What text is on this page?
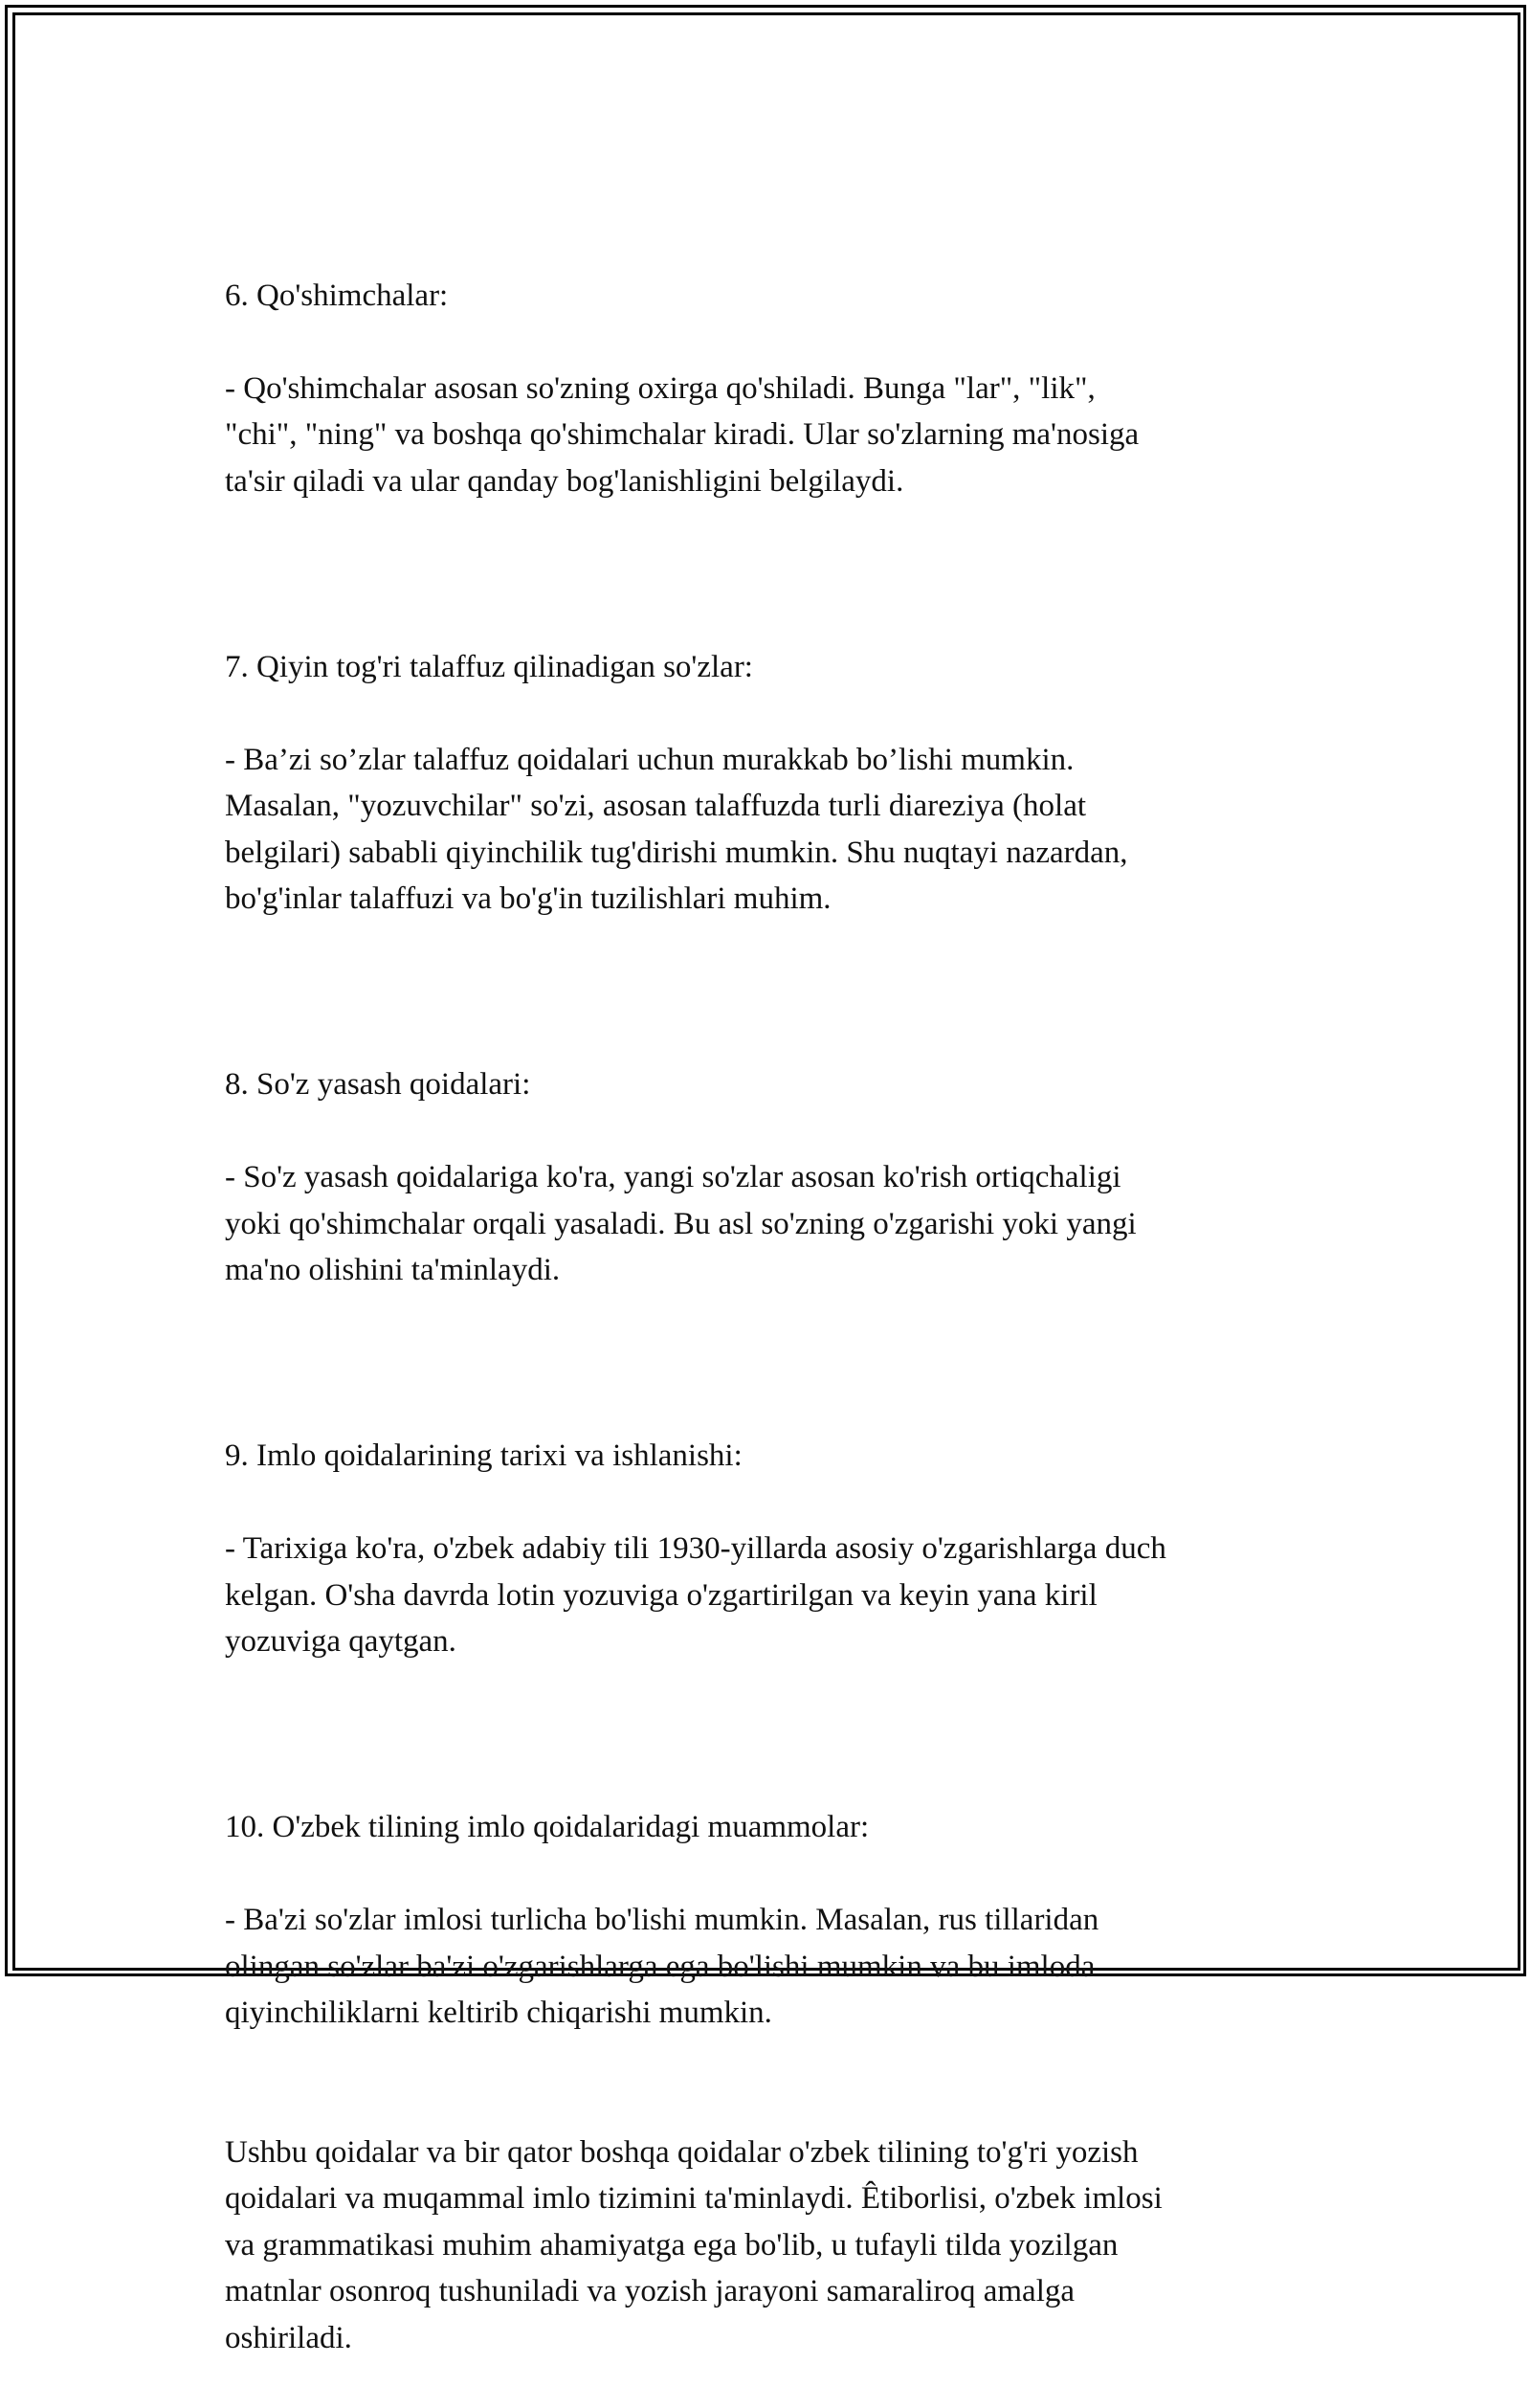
6. Qo'shimchalar:

- Qo'shimchalar asosan so'zning oxirga qo'shiladi. Bunga "lar", "lik",
"chi", "ning" va boshqa qo'shimchalar kiradi. Ular so'zlarning ma'nosiga
ta'sir qiladi va ular qanday bog'lanishligini belgilaydi.

7. Qiyin tog'ri talaffuz qilinadigan so'zlar:

- Ba’zi so’zlar talaffuz qoidalari uchun murakkab bo’lishi mumkin.
Masalan, "yozuvchilar" so'zi, asosan talaffuzda turli diareziya (holat
belgilari) sababli qiyinchilik tug'dirishi mumkin. Shu nuqtayi nazardan,
bo'g'inlar talaffuzi va bo'g'in tuzilishlari muhim.

8. So'z yasash qoidalari:

- So'z yasash qoidalariga ko'ra, yangi so'zlar asosan ko'rish ortiqchaligi
yoki qo'shimchalar orqali yasaladi. Bu asl so'zning o'zgarishi yoki yangi
ma'no olishini ta'minlaydi.

9. Imlo qoidalarining tarixi va ishlanishi:

- Tarixiga ko'ra, o'zbek adabiy tili 1930-yillarda asosiy o'zgarishlarga duch
kelgan. O'sha davrda lotin yozuviga o'zgartirilgan va keyin yana kiril
yozuviga qaytgan.

10. O'zbek tilining imlo qoidalaridagi muammolar:

- Ba'zi so'zlar imlosi turlicha bo'lishi mumkin. Masalan, rus tillaridan
olingan so'zlar ba'zi o'zgarishlarga ega bo'lishi mumkin va bu imloda
qiyinchiliklarni keltirib chiqarishi mumkin.

Ushbu qoidalar va bir qator boshqa qoidalar o'zbek tilining to'g'ri yozish
qoidalari va muqammal imlo tizimini ta'minlaydi. Êtiborlisi, o'zbek imlosi
va grammatikasi muhim ahamiyatga ega bo'lib, u tufayli tilda yozilgan
matnlar osonroq tushuniladi va yozish jarayoni samaraliroq amalga
oshiriladi.
